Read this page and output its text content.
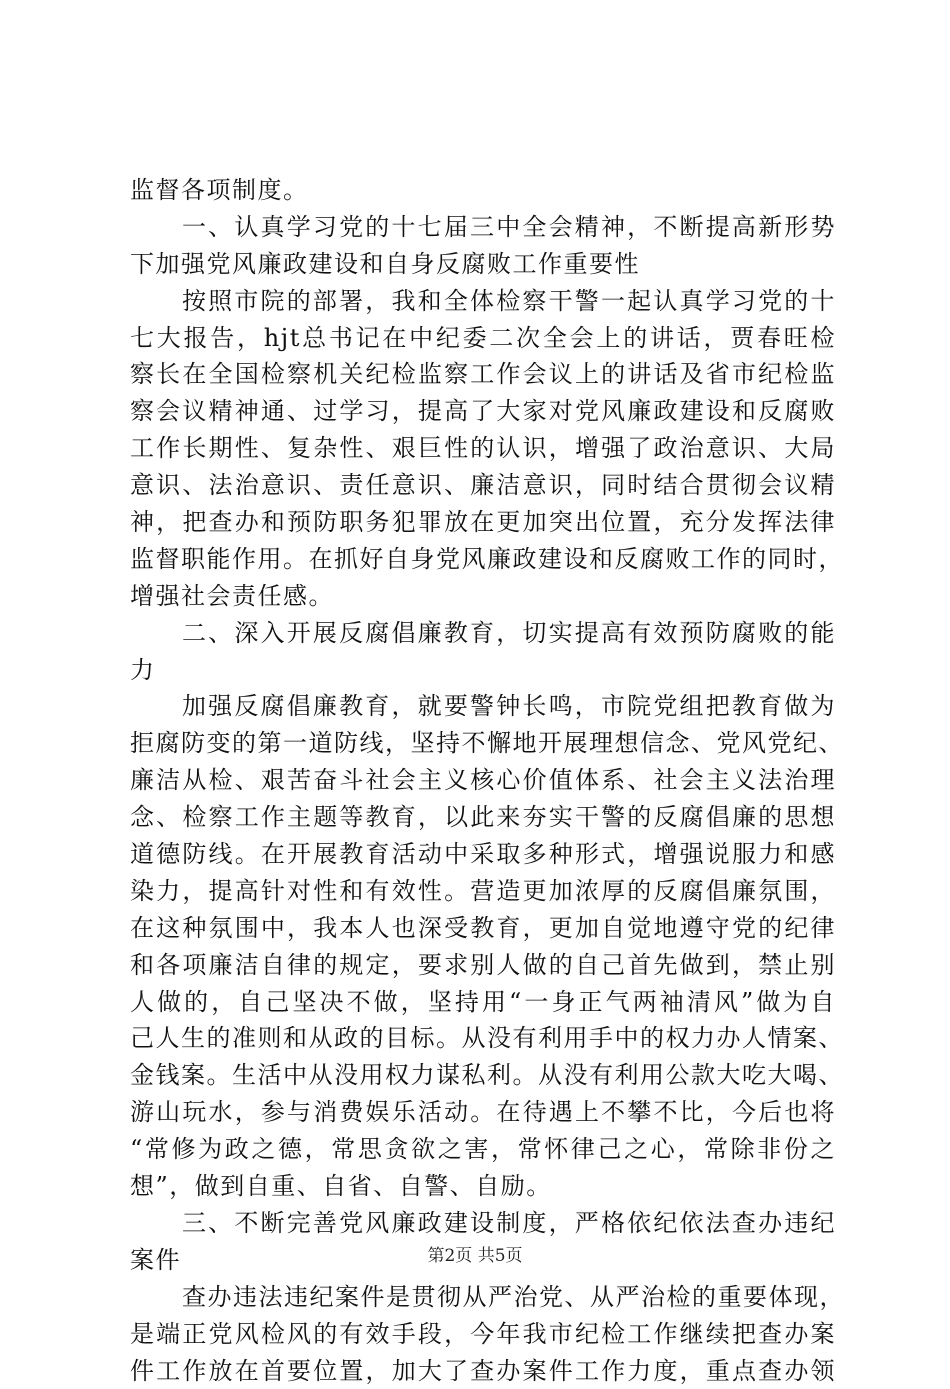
监督各项制度。
一、认真学习党的十七届三中全会精神，不断提高新形势
下加强党风廉政建设和自身反腐败工作重要性
按照市院的部署，我和全体检察干警一起认真学习党的十
七大报告，hjt总书记在中纪委二次全会上的讲话，贾春旺检
察长在全国检察机关纪检监察工作会议上的讲话及省市纪检监
察会议精神通、过学习，提高了大家对党风廉政建设和反腐败
工作长期性、复杂性、艰巨性的认识，增强了政治意识、大局
意识、法治意识、责任意识、廉洁意识，同时结合贯彻会议精
神，把查办和预防职务犯罪放在更加突出位置，充分发挥法律
监督职能作用。在抓好自身党风廉政建设和反腐败工作的同时，
增强社会责任感。
二、深入开展反腐倡廉教育，切实提高有效预防腐败的能
力
加强反腐倡廉教育，就要警钟长鸣，市院党组把教育做为
拒腐防变的第一道防线，坚持不懈地开展理想信念、党风党纪、
廉洁从检、艰苦奋斗社会主义核心价值体系、社会主义法治理
念、检察工作主题等教育，以此来夯实干警的反腐倡廉的思想
道德防线。在开展教育活动中采取多种形式，增强说服力和感
染力，提高针对性和有效性。营造更加浓厚的反腐倡廉氛围，
在这种氛围中，我本人也深受教育，更加自觉地遵守党的纪律
和各项廉洁自律的规定，要求别人做的自己首先做到，禁止别
人做的，自己坚决不做，坚持用“一身正气两袖清风”做为自
己人生的准则和从政的目标。从没有利用手中的权力办人情案、
金钱案。生活中从没用权力谋私利。从没有利用公款大吃大喝、
游山玩水，参与消费娱乐活动。在待遇上不攀不比，今后也将
“常修为政之德，常思贪欲之害，常怀律己之心，常除非份之
想”，做到自重、自省、自警、自励。
三、不断完善党风廉政建设制度，严格依纪依法查办违纪
案件
查办违法违纪案件是贯彻从严治党、从严治检的重要体现，
是端正党风检风的有效手段，今年我市纪检工作继续把查办案
件工作放在首要位置，加大了查办案件工作力度，重点查办领
第2页 共5页
